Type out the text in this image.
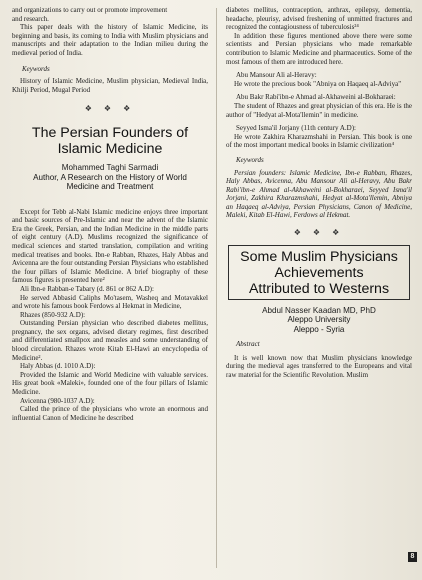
and organizations to carry out or promote improvement

and research.

This paper deals with the history of Islamic Medicine, its beginning and basis, its coming to India with Muslim physicians and manuscripts and their adaptation to the Indian milieu during the medieval period of India.

Keywords

History of Islamic Medicine, Muslim physician, Medieval India, Khilji Period, Mugal Period

❖ ❖ ❖
The Persian Founders of
Islamic Medicine
Mohammed Taghi Sarmadi
Author, A Research on the History of World
Medicine and Treatment

Except for Tebb al-Nabi Islamic medicine enjoys three important and basic sources of Pre-Islamic and near the advent of the Islamic Era the Greek, Persian, and the Indian Medicine in the middle parts of eight century (A.D). Muslims recognized the significance of medical sciences and started translation, compilation and writing medical treatises and books. Ibn-e Rabban, Rhazes, Haly Abbas and Avicenna are the four outstanding Persian Physicians who established the four pillars of Islamic Medicine. A brief biography of these famous figures is presented here²

Ali Ibn-e Rabban-e Tabary (d. 861 or 862 A.D):

He served Abbasid Caliphs Mo'tasem, Washeq and Motavakkel and wrote his famous book Ferdows al Hekmat in Medicine,

Rhazes (850-932 A.D):

Outstanding Persian physician who described diabetes mellitus, pregnancy, the sex organs, advised dietary regimes, first described and differentiated smallpox and measles and some understanding of blood circulation. Rhazes wrote Kitab El-Hawi an encyclopedia of Medicine².

Haly Abbas (d. 1010 A.D):

Provided the Islamic and World Medicine with valuable services. His great book «Maleki», founded one of the four pillars of Islamic Medicine.

Avicenna (980-1037 A.D):

Called the prince of the physicians who wrote an enormous and influential Canon of Medicine he described

diabetes mellitus, contraception, anthrax, epilepsy, dementia, headache, pleurisy, advised freshening of unmitted fractures and recognized the contagiousness of tuberculosis²⁴

In addition these figures mentioned above there were some scientists and Persian physicians who made remarkable contribution to Islamic Medicine and pharmaceutics. Some of the most famous of them are introduced here.

Abu Mansour Ali al-Heravy:

He wrote the precious book "Abniya on Haqaeq al-Adviya"

Abu Bakr Rabi'ibn-e Ahmad al-Akhaweini al-Bokharaei:

The student of Rhazes and great physician of this era. He is the author of "Hedyat al-Mota'llemin" in medicine.

Seyyed Isma'il Jorjany (11th century A.D):

He wrote Zakhira Kharazmshahi in Persian. This book is one of the most important medical books in Islamic civilization⁴

Keywords

Persian founders: Islamic Medicine, Ibn-e Rabban, Rhazes, Haly Abbas, Avicenna, Abu Mansour Ali al-Heravy, Abu Bakr Rabi'ibn-e Ahmad al-Akhaweini al-Bokharaei, Seyyed Isma'il Jorjani, Zakhira Kharazmshahi, Hedyat al-Mota'llemin, Abniya an Haqaeq al-Adviya, Persian Physicians, Canon of Medicine, Maleki, Kitab El-Hawi, Ferdows al Hekmat.

❖ ❖ ❖
Some Muslim Physicians
Achievements
Attributed to Westerns
Abdul Nasser Kaadan MD, PhD
Aleppo University
Aleppo - Syria
Abstract

It is well known now that Muslim physicians knowledge during the medieval ages transferred to the Europeans and vital raw material for the Scientific Revolution. Muslim

8
